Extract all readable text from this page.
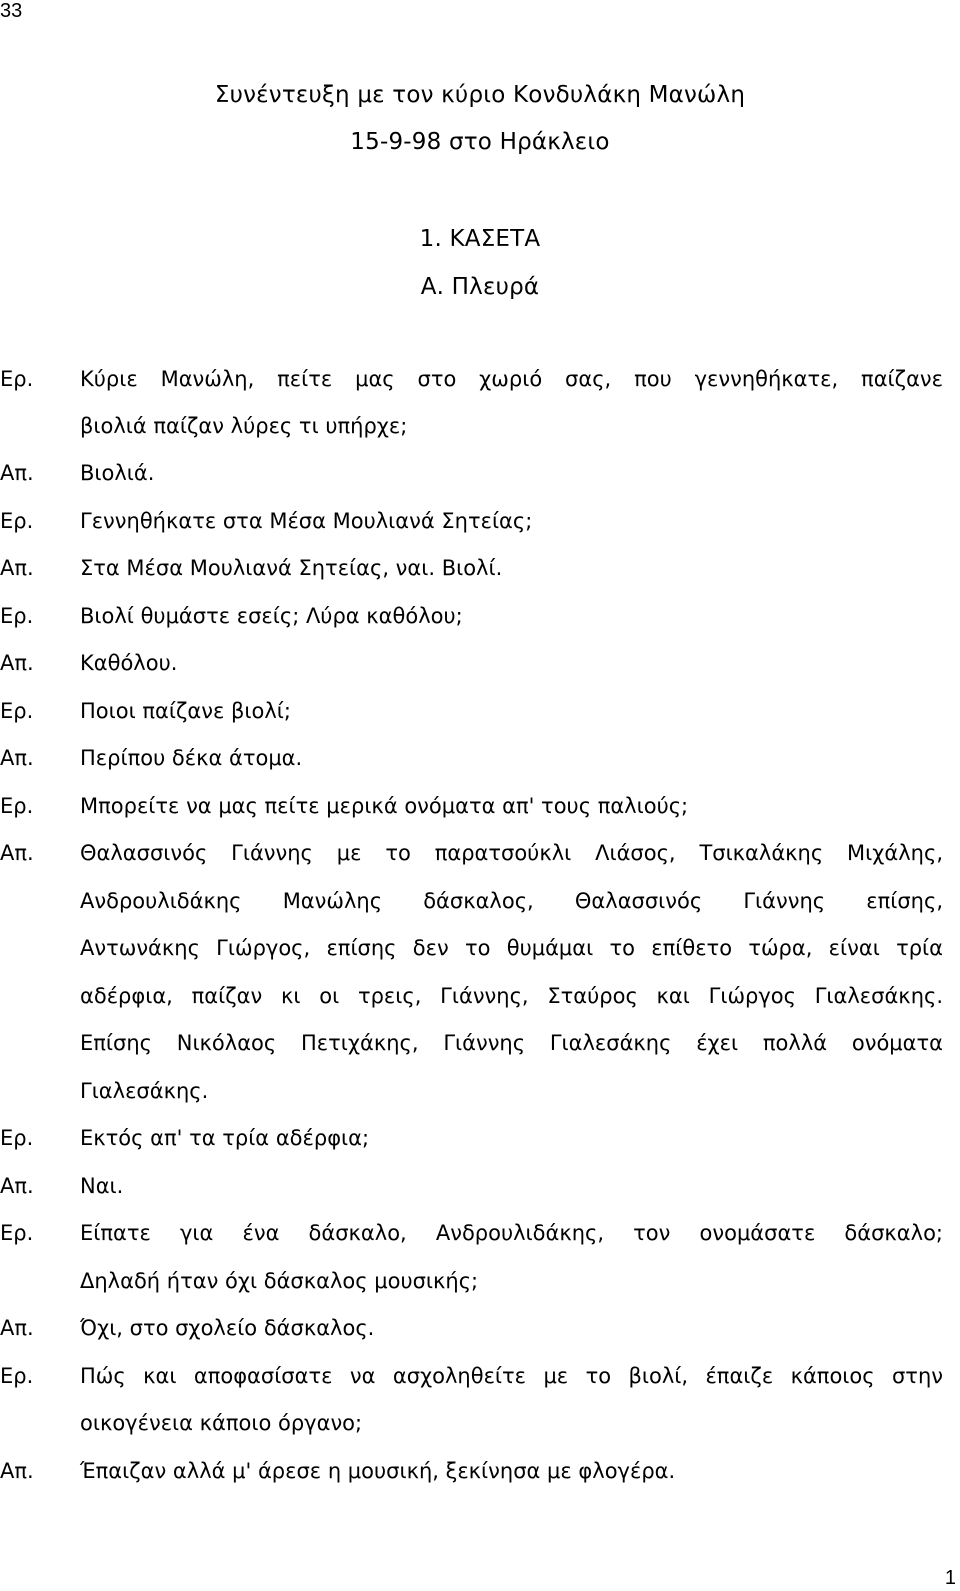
33
Συνέντευξη με τον κύριο Κονδυλάκη Μανώλη
15-9-98 στο Ηράκλειο
1. ΚΑΣΕΤΑ
Α. Πλευρά
Ερ. Κύριε Μανώλη, πείτε μας στο χωριό σας, που γεννηθήκατε, παίζανε
βιολιά παίζαν λύρες τι υπήρχε;
Απ. Βιολιά.
Ερ. Γεννηθήκατε στα Μέσα Μουλιανά Σητείας;
Απ. Στα Μέσα Μουλιανά Σητείας, ναι. Βιολί.
Ερ. Βιολί θυμάστε εσείς; Λύρα καθόλου;
Απ. Καθόλου.
Ερ. Ποιοι παίζανε βιολί;
Απ. Περίπου δέκα άτομα.
Ερ. Μπορείτε να μας πείτε μερικά ονόματα απ' τους παλιούς;
Απ. Θαλασσινός Γιάννης με το παρατσούκλι Λιάσος, Τσικαλάκης Μιχάλης,
Ανδρουλιδάκης Μανώλης δάσκαλος, Θαλασσινός Γιάννης επίσης,
Αντωνάκης Γιώργος, επίσης δεν το θυμάμαι το επίθετο τώρα, είναι τρία
αδέρφια, παίζαν κι οι τρεις, Γιάννης, Σταύρος και Γιώργος Γιαλεσάκης.
Επίσης Νικόλαος Πετιχάκης, Γιάννης Γιαλεσάκης έχει πολλά ονόματα
Γιαλεσάκης.
Ερ. Εκτός απ' τα τρία αδέρφια;
Απ. Ναι.
Ερ. Είπατε για ένα δάσκαλο, Ανδρουλιδάκης, τον ονομάσατε δάσκαλο;
Δηλαδή ήταν όχι δάσκαλος μουσικής;
Απ. Όχι, στο σχολείο δάσκαλος.
Ερ. Πώς και αποφασίσατε να ασχοληθείτε με το βιολί, έπαιζε κάποιος στην
οικογένεια κάποιο όργανο;
Απ. Έπαιζαν αλλά μ' άρεσε η μουσική, ξεκίνησα με φλογέρα.
1
